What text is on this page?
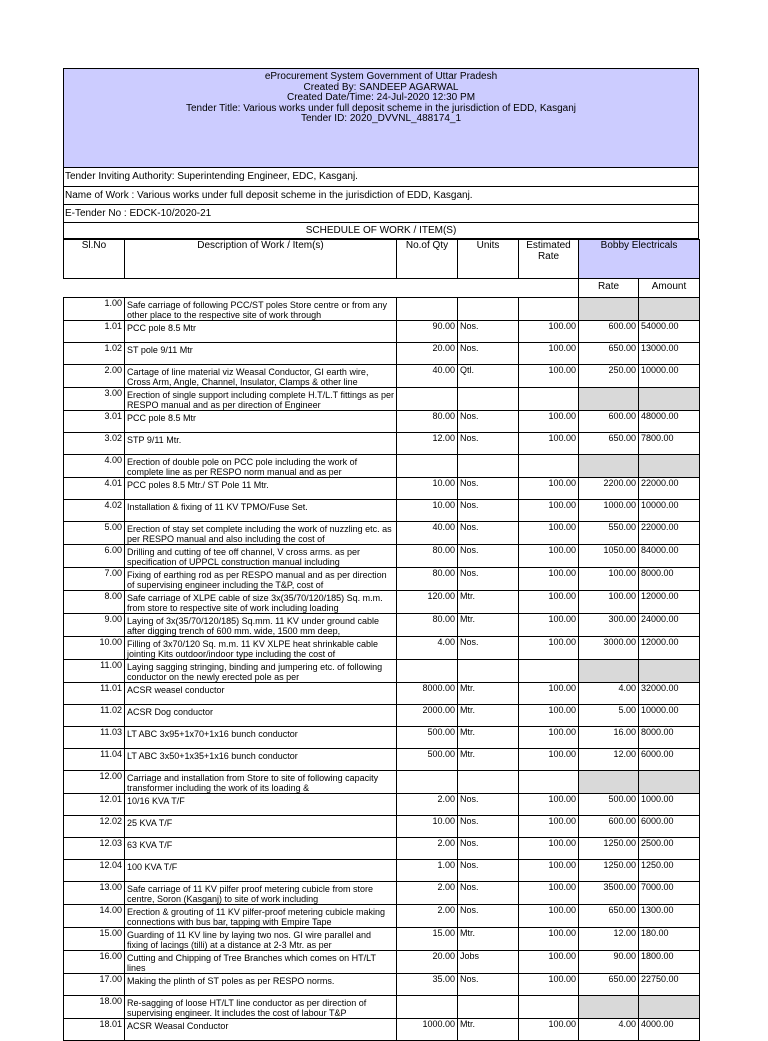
eProcurement System Government of Uttar Pradesh
Created By: SANDEEP AGARWAL
Created Date/Time: 24-Jul-2020 12:30 PM
Tender Title: Various works under full deposit scheme in the jurisdiction of EDD, Kasganj
Tender ID: 2020_DVVNL_488174_1
Tender Inviting Authority: Superintending Engineer, EDC, Kasganj.
Name of Work : Various works under full deposit scheme in the jurisdiction of EDD, Kasganj.
E-Tender No : EDCK-10/2020-21
SCHEDULE OF WORK / ITEM(S)
Sl.No	Description of Work / Item(s)	No.of Qty	Units	Estimated Rate	Bobby Electricals	
					Rate	Amount
1.00	Safe carriage of following PCC/ST poles Store centre or from any other place to the respective site of work through					
1.01	PCC pole 8.5 Mtr	90.00	Nos.	100.00	600.00	54000.00
1.02	ST pole 9/11 Mtr	20.00	Nos.	100.00	650.00	13000.00
2.00	Cartage of line material viz Weasal Conductor, GI earth wire, Cross Arm, Angle, Channel, Insulator, Clamps & other line	40.00	Qtl.	100.00	250.00	10000.00
3.00	Erection of single support including complete H.T/L.T fittings as per RESPO manual and as per direction of Engineer					
3.01	PCC pole 8.5 Mtr	80.00	Nos.	100.00	600.00	48000.00
3.02	STP 9/11 Mtr.	12.00	Nos.	100.00	650.00	7800.00
4.00	Erection of double pole on PCC pole including the work of complete line as per RESPO norm manual and as per					
4.01	PCC poles 8.5 Mtr./ ST Pole 11 Mtr.	10.00	Nos.	100.00	2200.00	22000.00
4.02	Installation & fixing of 11 KV TPMO/Fuse Set.	10.00	Nos.	100.00	1000.00	10000.00
5.00	Erection of stay set complete including the work of nuzzling etc. as per RESPO manual and also including the cost of	40.00	Nos.	100.00	550.00	22000.00
6.00	Drilling and cutting of tee off channel, V cross arms. as per specification of UPPCL construction manual including	80.00	Nos.	100.00	1050.00	84000.00
7.00	Fixing of earthing rod as per RESPO manual and as per direction of supervising engineer including the T&P, cost of	80.00	Nos.	100.00	100.00	8000.00
8.00	Safe carriage of XLPE cable of size 3x(35/70/120/185) Sq. m.m. from store to respective site of work including loading	120.00	Mtr.	100.00	100.00	12000.00
9.00	Laying of 3x(35/70/120/185) Sq.mm. 11 KV under ground cable after digging trench of 600 mm. wide, 1500 mm deep,	80.00	Mtr.	100.00	300.00	24000.00
10.00	Filling of 3x70/120 Sq. m.m. 11 KV XLPE heat shrinkable cable jointing Kits outdoor/indoor type including the cost of	4.00	Nos.	100.00	3000.00	12000.00
11.00	Laying sagging stringing, binding and jumpering etc. of following conductor on the newly erected pole as per					
11.01	ACSR weasel conductor	8000.00	Mtr.	100.00	4.00	32000.00
11.02	ACSR Dog conductor	2000.00	Mtr.	100.00	5.00	10000.00
11.03	LT ABC 3x95+1x70+1x16 bunch conductor	500.00	Mtr.	100.00	16.00	8000.00
11.04	LT ABC 3x50+1x35+1x16 bunch conductor	500.00	Mtr.	100.00	12.00	6000.00
12.00	Carriage and installation from Store to site of following capacity transformer including the work of its loading &					
12.01	10/16 KVA T/F	2.00	Nos.	100.00	500.00	1000.00
12.02	25 KVA T/F	10.00	Nos.	100.00	600.00	6000.00
12.03	63 KVA T/F	2.00	Nos.	100.00	1250.00	2500.00
12.04	100 KVA T/F	1.00	Nos.	100.00	1250.00	1250.00
13.00	Safe carriage of 11 KV pilfer proof metering cubicle from store centre, Soron (Kasganj) to site of work including	2.00	Nos.	100.00	3500.00	7000.00
14.00	Erection & grouting of 11 KV pilfer-proof metering cubicle making connections with bus bar, tapping with Empire Tape	2.00	Nos.	100.00	650.00	1300.00
15.00	Guarding of 11 KV line by laying two nos. GI wire parallel and fixing of lacings (tilli) at a distance at 2-3 Mtr. as per	15.00	Mtr.	100.00	12.00	180.00
16.00	Cutting and Chipping of Tree Branches which comes on HT/LT lines	20.00	Jobs	100.00	90.00	1800.00
17.00	Making the plinth of ST poles as per RESPO norms.	35.00	Nos.	100.00	650.00	22750.00
18.00	Re-sagging of loose HT/LT line conductor as per direction of supervising engineer. It includes the cost of labour T&P					
18.01	ACSR Weasal Conductor	1000.00	Mtr.	100.00	4.00	4000.00
